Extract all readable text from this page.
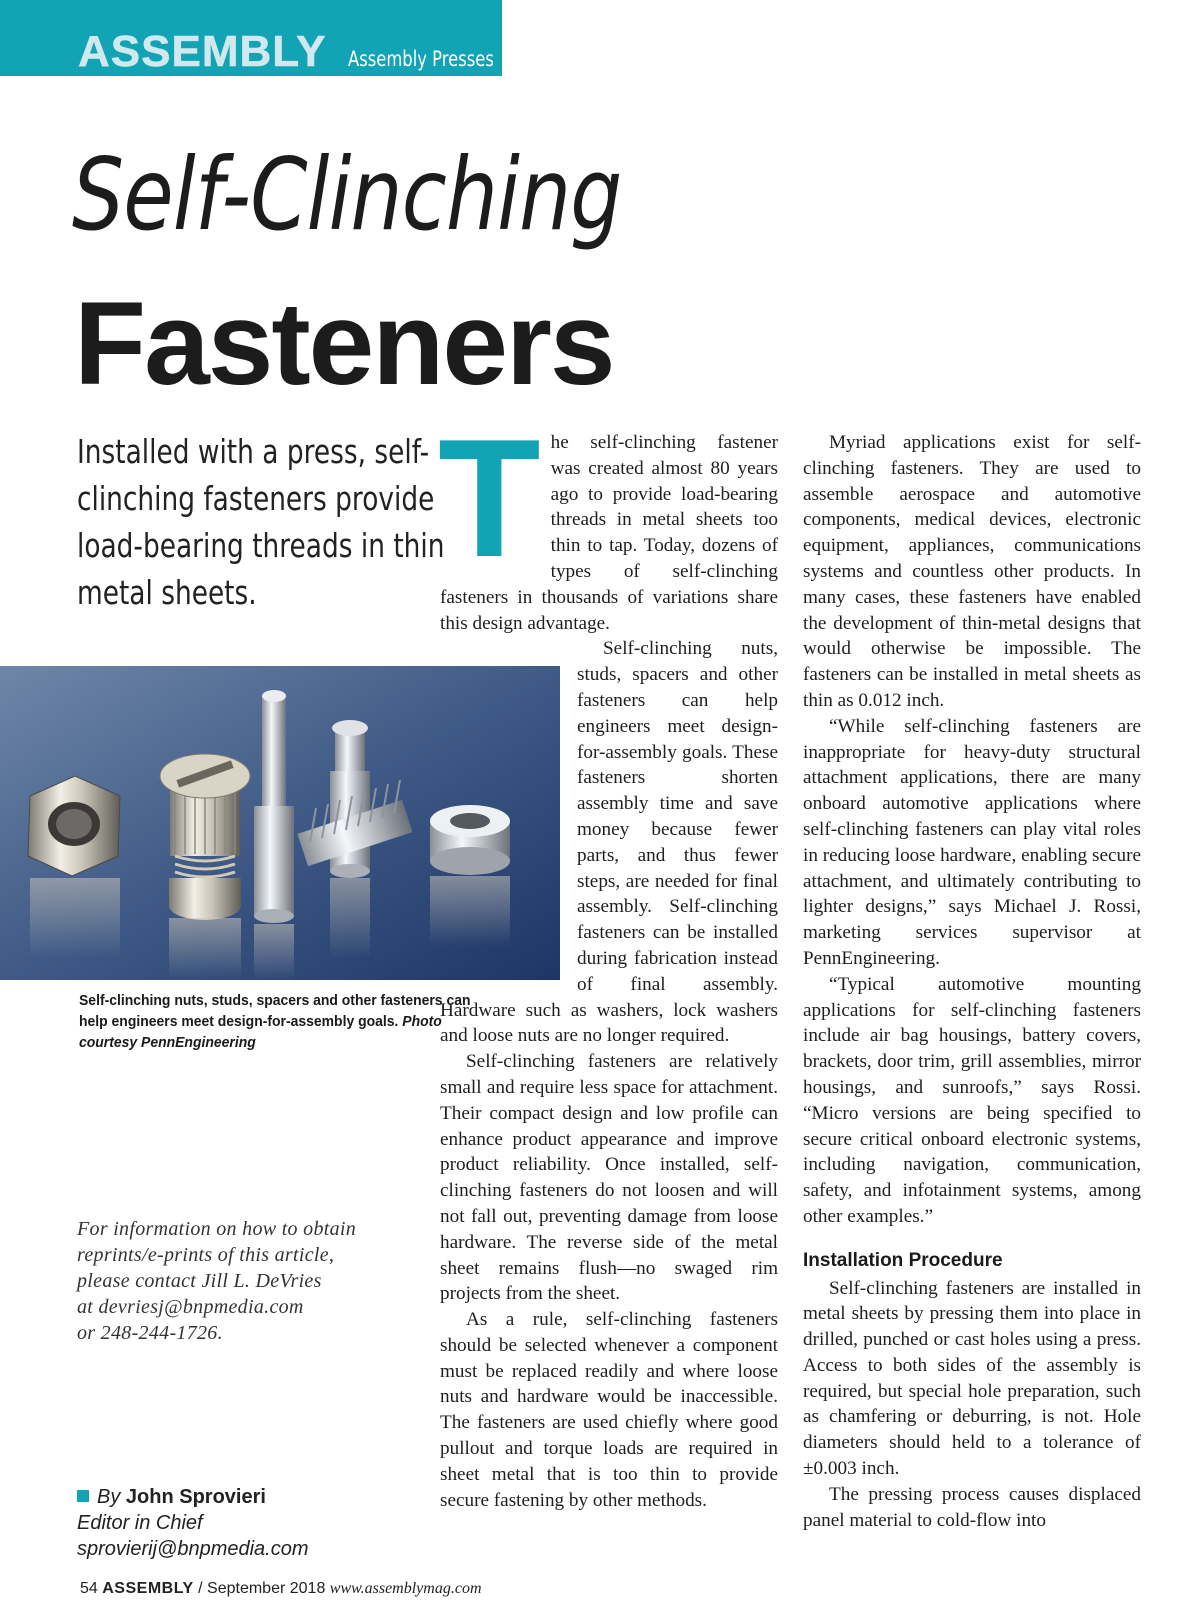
ASSEMBLY Assembly Presses
Self-Clinching
Fasteners
Installed with a press, self-
clinching fasteners provide
load-bearing threads in thin
metal sheets.
Self-clinching nuts, studs, spacers and other fasteners can help engineers meet design-for-assembly goals. Photo courtesy PennEngineering
For information on how to obtain
reprints/e-prints of this article,
please contact Jill L. DeVries
at devriesj@bnpmedia.com
or 248-244-1726.
By John Sprovieri
Editor in Chief
sprovierij@bnpmedia.com
T he self-clinching fastener was created almost 80 years ago to provide load-bearing threads in metal sheets too thin to tap. Today, dozens of types of self-clinching fasteners in thousands of variations share this design advantage.

Self-clinching nuts, studs, spacers and other fasteners can help engineers meet design-for-assembly goals. These fasteners shorten assembly time and save money because fewer parts, and thus fewer steps, are needed for final assembly. Self-clinching fasteners can be installed during fabrication instead of final assembly. Hardware such as washers, lock washers and loose nuts are no longer required.

Self-clinching fasteners are relatively small and require less space for attachment. Their compact design and low profile can enhance product appearance and improve product reliability. Once installed, self-clinching fasteners do not loosen and will not fall out, preventing damage from loose hardware. The reverse side of the metal sheet remains flush—no swaged rim projects from the sheet.

As a rule, self-clinching fasteners should be selected whenever a component must be replaced readily and where loose nuts and hardware would be inaccessible. The fasteners are used chiefly where good pullout and torque loads are required in sheet metal that is too thin to provide secure fastening by other methods.

Myriad applications exist for self-clinching fasteners. They are used to assemble aerospace and automotive components, medical devices, electronic equipment, appliances, communications systems and countless other products. In many cases, these fasteners have enabled the development of thin-metal designs that would otherwise be impossible. The fasteners can be installed in metal sheets as thin as 0.012 inch.

“While self-clinching fasteners are inappropriate for heavy-duty structural attachment applications, there are many onboard automotive applications where self-clinching fasteners can play vital roles in reducing loose hardware, enabling secure attachment, and ultimately contributing to lighter designs,” says Michael J. Rossi, marketing services supervisor at PennEngineering.

“Typical automotive mounting applications for self-clinching fasteners include air bag housings, battery covers, brackets, door trim, grill assemblies, mirror housings, and sunroofs,” says Rossi. “Micro versions are being specified to secure critical onboard electronic systems, including navigation, communication, safety, and infotainment systems, among other examples.”

Installation Procedure

Self-clinching fasteners are installed in metal sheets by pressing them into place in drilled, punched or cast holes using a press. Access to both sides of the assembly is required, but special hole preparation, such as chamfering or deburring, is not. Hole diameters should held to a tolerance of ±0.003 inch.

The pressing process causes displaced panel material to cold-flow into

54 ASSEMBLY / September 2018 www.assemblymag.com
